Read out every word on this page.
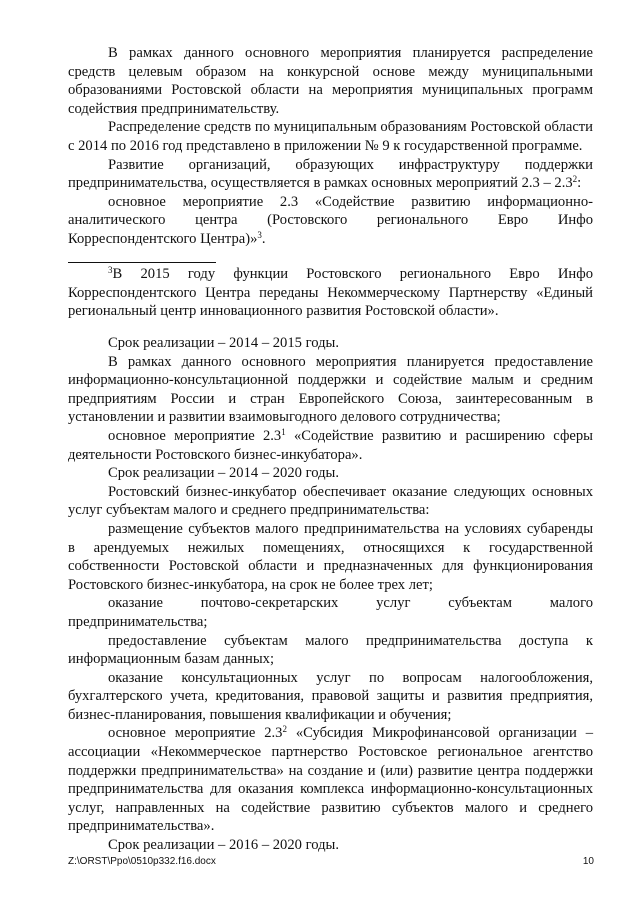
В рамках данного основного мероприятия планируется распределение средств целевым образом на конкурсной основе между муниципальными образованиями Ростовской области на мероприятия муниципальных программ содействия предпринимательству.

Распределение средств по муниципальным образованиям Ростовской области с 2014 по 2016 год представлено в приложении № 9 к государственной программе.

Развитие организаций, образующих инфраструктуру поддержки предпринимательства, осуществляется в рамках основных мероприятий $2.3 - 2.3^2$:

основное мероприятие 2.3 «Содействие развитию информационно-аналитического центра (Ростовского регионального Евро Инфо Корреспондентского Центра)»$^3$.

$^3$В 2015 году функции Ростовского регионального Евро Инфо Корреспондентского Центра переданы Некоммерческому Партнерству «Единый региональный центр инновационного развития Ростовской области».

Срок реализации – 2014 – 2015 годы.

В рамках данного основного мероприятия планируется предоставление информационно-консультационной поддержки и содействие малым и средним предприятиям России и стран Европейского Союза, заинтересованным в установлении и развитии взаимовыгодного делового сотрудничества;

основное мероприятие $2.3^1$ «Содействие развитию и расширению сферы деятельности Ростовского бизнес-инкубатора».

Срок реализации – 2014 – 2020 годы.

Ростовский бизнес-инкубатор обеспечивает оказание следующих основных услуг субъектам малого и среднего предпринимательства:

размещение субъектов малого предпринимательства на условиях субаренды в арендуемых нежилых помещениях, относящихся к государственной собственности Ростовской области и предназначенных для функционирования Ростовского бизнес-инкубатора, на срок не более трех лет;

оказание почтово-секретарских услуг субъектам малого предпринимательства;

предоставление субъектам малого предпринимательства доступа к информационным базам данных;

оказание консультационных услуг по вопросам налогообложения, бухгалтерского учета, кредитования, правовой защиты и развития предприятия, бизнес-планирования, повышения квалификации и обучения;

основное мероприятие $2.3^2$ «Субсидия Микрофинансовой организации – ассоциации «Некоммерческое партнерство Ростовское региональное агентство поддержки предпринимательства» на создание и (или) развитие центра поддержки предпринимательства для оказания комплекса информационно-консультационных услуг, направленных на содействие развитию субъектов малого и среднего предпринимательства».

Срок реализации – 2016 – 2020 годы.

Z:\ORST\Ppo\0510p332.f16.docx	10
